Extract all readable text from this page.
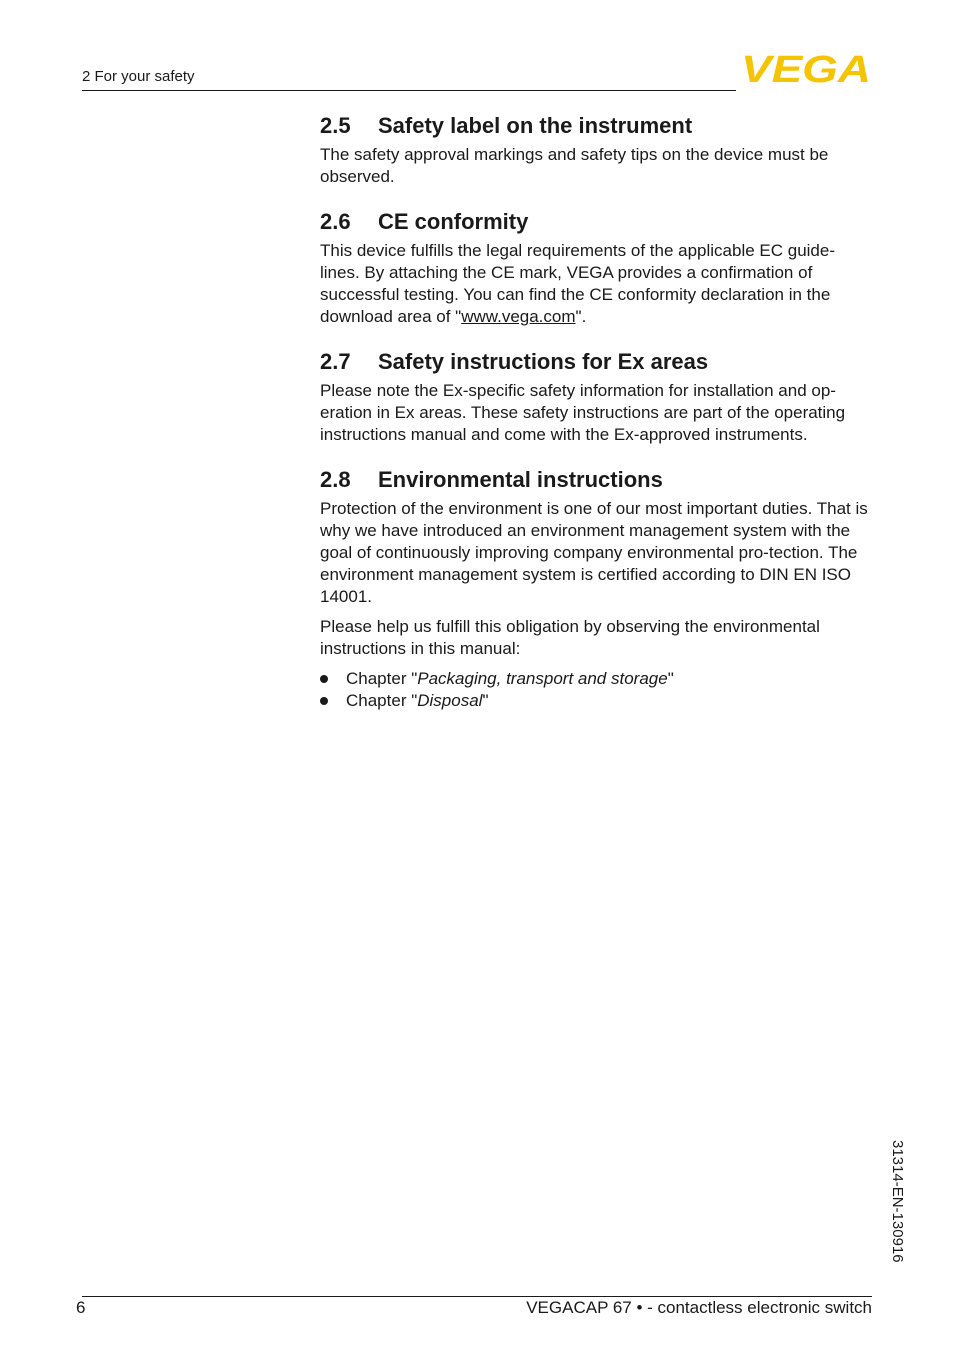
2 For your safety	VEGA
2.5 Safety label on the instrument

The safety approval markings and safety tips on the device must be observed.

2.6 CE conformity

This device fulfills the legal requirements of the applicable EC guide-lines. By attaching the CE mark, VEGA provides a confirmation of successful testing. You can find the CE conformity declaration in the download area of "www.vega.com".

2.7 Safety instructions for Ex areas

Please note the Ex-specific safety information for installation and op-eration in Ex areas. These safety instructions are part of the operating instructions manual and come with the Ex-approved instruments.

2.8 Environmental instructions

Protection of the environment is one of our most important duties. That is why we have introduced an environment management system with the goal of continuously improving company environmental pro-tection. The environment management system is certified according to DIN EN ISO 14001.

Please help us fulfill this obligation by observing the environmental instructions in this manual:

Chapter "Packaging, transport and storage"
Chapter "Disposal"
31314-EN-130916
6	VEGACAP 67 • - contactless electronic switch
